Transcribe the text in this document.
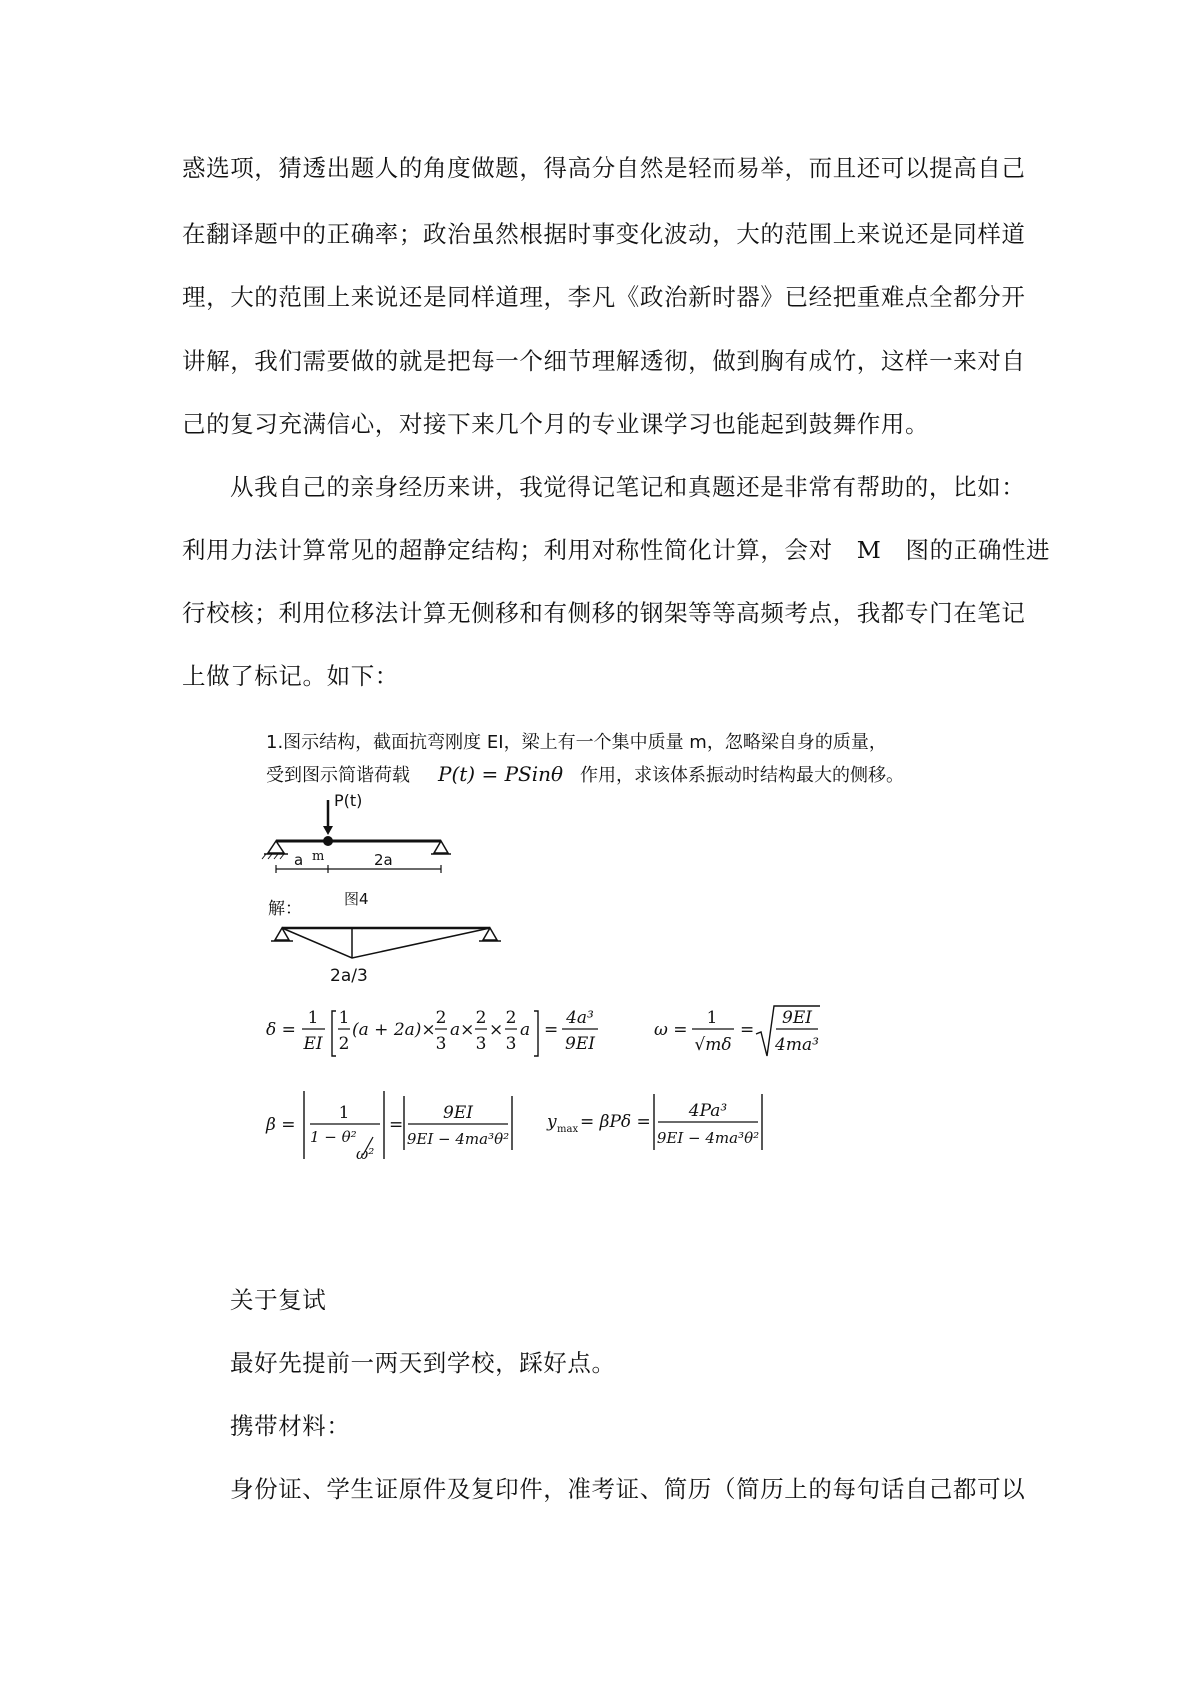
惑选项，猜透出题人的角度做题，得高分自然是轻而易举，而且还可以提高自己
在翻译题中的正确率；政治虽然根据时事变化波动，大的范围上来说还是同样道
理，大的范围上来说还是同样道理，李凡《政治新时器》已经把重难点全都分开
讲解，我们需要做的就是把每一个细节理解透彻，做到胸有成竹，这样一来对自
己的复习充满信心，对接下来几个月的专业课学习也能起到鼓舞作用。
从我自己的亲身经历来讲，我觉得记笔记和真题还是非常有帮助的，比如：
利用力法计算常见的超静定结构；利用对称性简化计算，会对　M　图的正确性进
行校核；利用位移法计算无侧移和有侧移的钢架等等高频考点，我都专门在笔记
上做了标记。如下：
1.图示结构，截面抗弯刚度 EI，梁上有一个集中质量 m，忽略梁自身的质量，
受到图示简谐荷载 P(t) = PSinθ 作用，求该体系振动时结构最大的侧移。
P(t)
m
a	2a
图4
解：
2a/3
δ =
1
EI
1
2
(a + 2a)×
2
3
a×
2
3
×
2
3
a =
4a³
9EI
ω =
1
√mδ
=
9EI
4ma³
β =
1
1 − θ²
ω²
=
9EI
9EI − 4ma³θ²
y max = βPδ =
4Pa³
9EI − 4ma³θ²
关于复试
最好先提前一两天到学校，踩好点。
携带材料：
身份证、学生证原件及复印件，准考证、简历（简历上的每句话自己都可以
